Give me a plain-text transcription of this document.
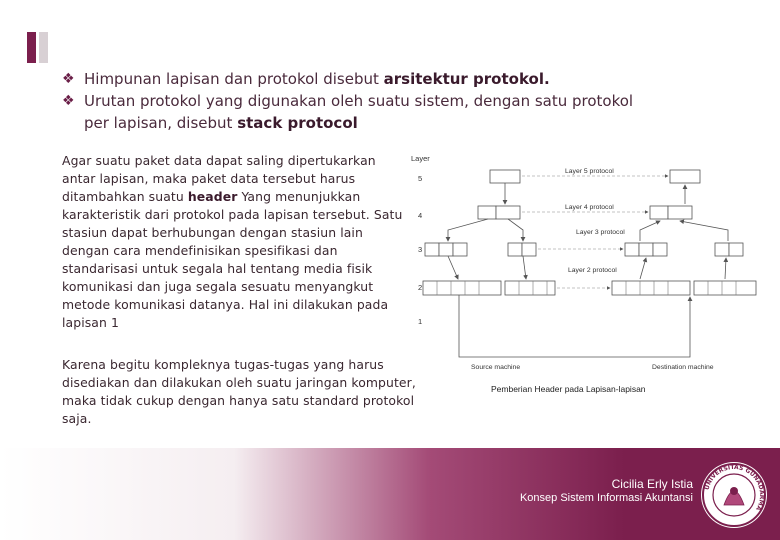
❖ Himpunan lapisan dan protokol disebut arsitektur protokol.
❖ Urutan protokol yang digunakan oleh suatu sistem, dengan satu protokol
per lapisan, disebut stack protocol
Agar suatu paket data dapat saling dipertukarkan antar lapisan, maka paket data tersebut harus ditambahkan suatu header Yang menunjukkan karakteristik dari protokol pada lapisan tersebut. Satu stasiun dapat berhubungan dengan stasiun lain dengan cara mendefinisikan spesifikasi dan standarisasi untuk segala hal tentang media fisik komunikasi dan juga segala sesuatu menyangkut metode komunikasi datanya. Hal ini dilakukan pada lapisan 1
Karena begitu kompleknya tugas-tugas yang harus disediakan dan dilakukan oleh suatu jaringan komputer, maka tidak cukup dengan hanya satu standard protokol saja.
Layer
5
4
3
2
1
Layer 5 protocol
Layer 4 protocol
Layer 3 protocol
Layer 2 protocol
Source machine	Destination machine
Pemberian Header pada Lapisan-lapisan
Cicilia Erly Istia
Konsep Sistem Informasi Akuntansi
UNIVERSITAS GUNADARMA
